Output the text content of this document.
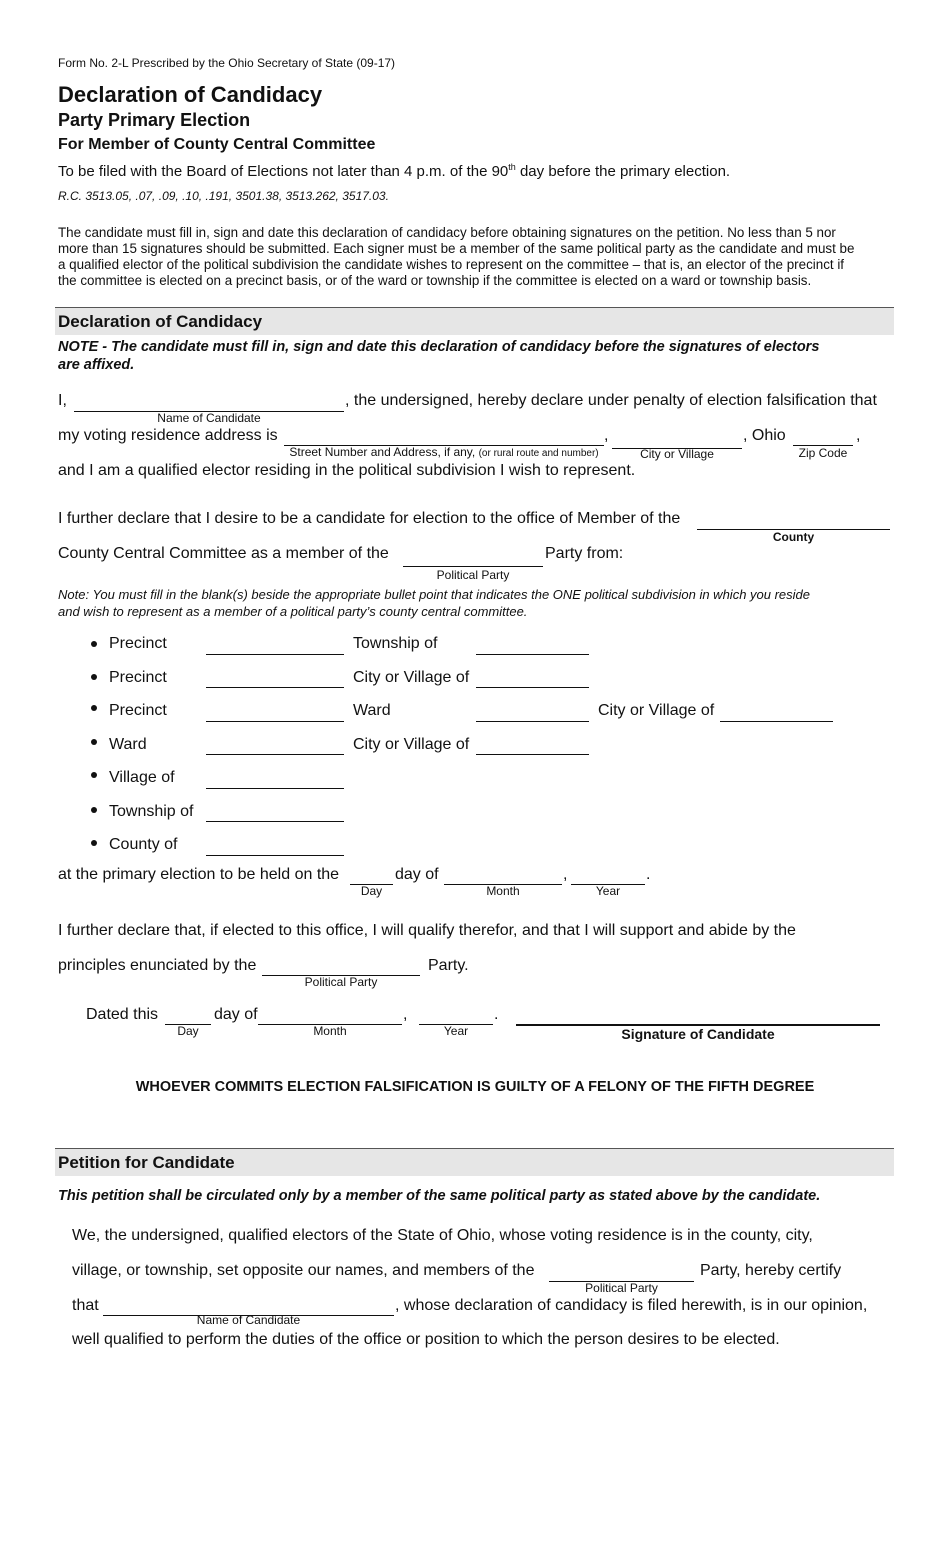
Form No. 2-L Prescribed by the Ohio Secretary of State (09-17)
Declaration of Candidacy
Party Primary Election
For Member of County Central Committee
To be filed with the Board of Elections not later than 4 p.m. of the 90th day before the primary election.
R.C. 3513.05, .07, .09, .10, .191, 3501.38, 3513.262, 3517.03.
The candidate must fill in, sign and date this declaration of candidacy before obtaining signatures on the petition. No less than 5 nor
more than 15 signatures should be submitted. Each signer must be a member of the same political party as the candidate and must be
a qualified elector of the political subdivision the candidate wishes to represent on the committee – that is, an elector of the precinct if
the committee is elected on a precinct basis, or of the ward or township if the committee is elected on a ward or township basis.
Declaration of Candidacy
NOTE - The candidate must fill in, sign and date this declaration of candidacy before the signatures of electors
are affixed.
I,
Name of Candidate
, the undersigned, hereby declare under penalty of election falsification that
my voting residence address is
Street Number and Address, if any, (or rural route and number)
,
City or Village
, Ohio
Zip Code
,
and I am a qualified elector residing in the political subdivision I wish to represent.
I further declare that I desire to be a candidate for election to the office of Member of the
County
County Central Committee as a member of the
Political Party
Party from:
Note: You must fill in the blank(s) beside the appropriate bullet point that indicates the ONE political subdivision in which you reside
and wish to represent as a member of a political party’s county central committee.
Precinct	Township of
Precinct	City or Village of
Precinct	Ward	City or Village of
Ward	City or Village of
Village of
Township of
County of
at the primary election to be held on the
Day
day of
Month
,
Year
.
I further declare that, if elected to this office, I will qualify therefor, and that I will support and abide by the
principles enunciated by the
Political Party
Party.
Dated this
Day
day of
Month
,
Year
.
Signature of Candidate
WHOEVER COMMITS ELECTION FALSIFICATION IS GUILTY OF A FELONY OF THE FIFTH DEGREE
Petition for Candidate
This petition shall be circulated only by a member of the same political party as stated above by the candidate.
We, the undersigned, qualified electors of the State of Ohio, whose voting residence is in the county, city,
village, or township, set opposite our names, and members of the
Political Party
Party, hereby certify
that
Name of Candidate
, whose declaration of candidacy is filed herewith, is in our opinion,
well qualified to perform the duties of the office or position to which the person desires to be elected.
